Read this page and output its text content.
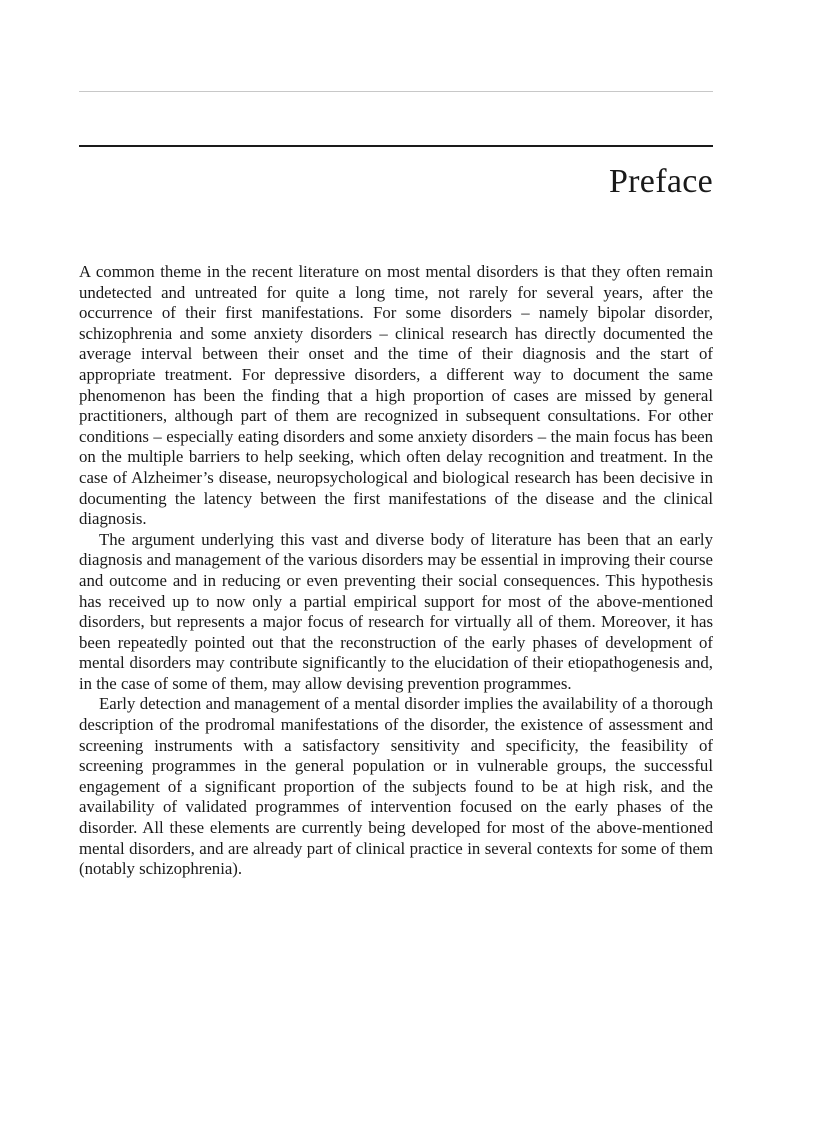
Preface

A common theme in the recent literature on most mental disorders is that they often remain undetected and untreated for quite a long time, not rarely for several years, after the occurrence of their first manifestations. For some disorders – namely bipolar disorder, schizophrenia and some anxiety disorders – clinical research has directly documented the average interval between their onset and the time of their diagnosis and the start of appropriate treatment. For depressive disorders, a different way to document the same phenomenon has been the finding that a high proportion of cases are missed by general practitioners, although part of them are recognized in subsequent consultations. For other conditions – especially eating disorders and some anxiety disorders – the main focus has been on the multiple barriers to help seeking, which often delay recognition and treatment. In the case of Alzheimer’s disease, neuropsychological and biological research has been decisive in documenting the latency between the first manifestations of the disease and the clinical diagnosis.

The argument underlying this vast and diverse body of literature has been that an early diagnosis and management of the various disorders may be essential in improving their course and outcome and in reducing or even preventing their social consequences. This hypothesis has received up to now only a partial empirical support for most of the above-mentioned disorders, but represents a major focus of research for virtually all of them. Moreover, it has been repeatedly pointed out that the reconstruction of the early phases of development of mental disorders may contribute significantly to the elucidation of their etiopathogenesis and, in the case of some of them, may allow devising prevention programmes.

Early detection and management of a mental disorder implies the availability of a thorough description of the prodromal manifestations of the disorder, the existence of assessment and screening instruments with a satisfactory sensitivity and specificity, the feasibility of screening programmes in the general population or in vulnerable groups, the successful engagement of a significant proportion of the subjects found to be at high risk, and the availability of validated programmes of intervention focused on the early phases of the disorder. All these elements are currently being developed for most of the above-mentioned mental disorders, and are already part of clinical practice in several contexts for some of them (notably schizophrenia).
